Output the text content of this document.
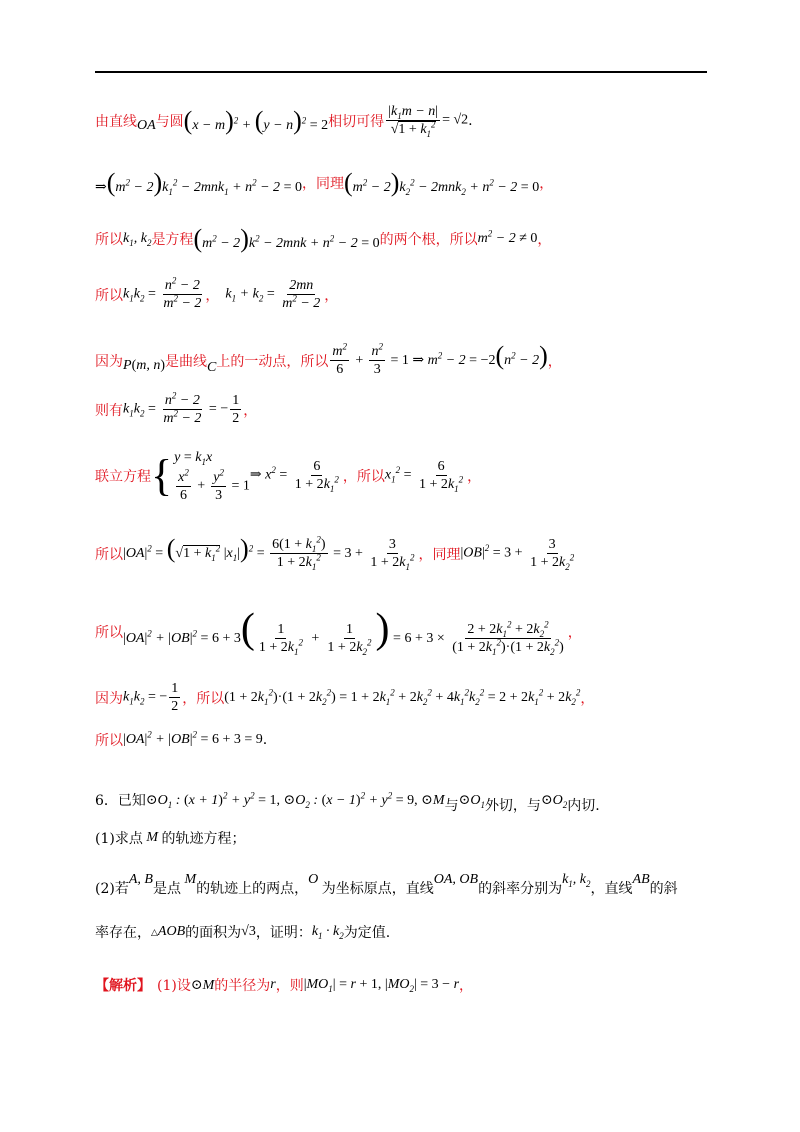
由直线 OA 与圆 $(x - m)^2 + (y - n)^2 = 2$ 相切可得 $\frac{|k_1m - n|}{√1 + k_1^2} = √2$ .
$\Rightarrow(m^2 - 2)k_1^2 - 2mnk_1 + n^2 - 2 = 0$ ，同理 $(m^2 - 2)k_2^2 - 2mnk_2 + n^2 - 2 = 0$ ，
所以 $k_1$, $k_2$ 是方程 $(m^2 - 2)k^2 - 2mnk + n^2 - 2 = 0$ 的两个根，所以 $m^2 - 2 \ne 0$ ，
所以 $k_1k_2 = \frac{n^2 - 2}{m^2 - 2}$ ， $k_1 + k_2 = \frac{2mn}{m^2 - 2}$ ，
因为 P(m, n) 是曲线 C 上的一动点，所以 $\frac{m^2}{6} + \frac{n^2}{3} = 1$ ⇒ $m^2 - 2 = -2(n^2 - 2)$ ，
则有 $k_1k_2 = \frac{n^2 - 2}{m^2 - 2}$ = − $\frac{1}{2}$ ，
联立方程 { $y = k_1x$
$\frac{x^2}{6} + \frac{y^2}{3} = 1$
⇒ $x^2 = \frac{6}{1 + 2k_1^2}$ ，所以 $x_1^2 = \frac{6}{1 + 2k_1^2}$ ，
所以 $|OA|^2 = (√1 + k_1^2$ $|x_1|)^2 = \frac{6(1 + k_1^2)}{1 + 2k_1^2} = 3 + \frac{3}{1 + 2k_1^2}$ ，同理 $|OB|^2 = 3 + \frac{3}{1 + 2k_2^2}$
所以 $|OA|^2 + |OB|^2 = 6 + 3( \frac{1}{1 + 2k_1^2} + \frac{1}{1 + 2k_2^2}$ ) = $6 + 3 \times \frac{2 + 2k_1^2 + 2k_2^2}{(1 + 2k_1^2)\cdot(1 + 2k_2^2)}$ ，
因为 $k_1k_2$ = − $\frac{1}{2}$ ，所以 $(1 + 2k_1^2)\cdot(1 + 2k_2^2) = 1 + 2k_1^2 + 2k_2^2 + 4k_1^2k_2^2 = 2 + 2k_1^2 + 2k_2^2$ ，
所以 $|OA|^2 + |OB|^2 = 6 + 3 = 9$ .
6．已知 $⊙O_1$ : $(x + 1)^2 + y^2 = 1$, $⊙O_2$ : $(x - 1)^2 + y^2 = 9$, ⊙M 与 $⊙O_1$ 外切，与 $⊙O_2$ 内切.
(1)求点 M 的轨迹方程；
(2)若
A, B
是点
M
的轨迹上的两点，
O
为坐标原点，直线
OA, OB
的斜率分别为
$k_1$, $k_2$ ，直线
AB
的斜
率存在， △AOB 的面积为 √3 ，证明： $k_1 \cdot k_2$ 为定值.
【解析】 (1)设 ⊙M 的半径为 r ，则 $|MO_1| = r + 1$, $|MO_2| = 3 - r$ ，
